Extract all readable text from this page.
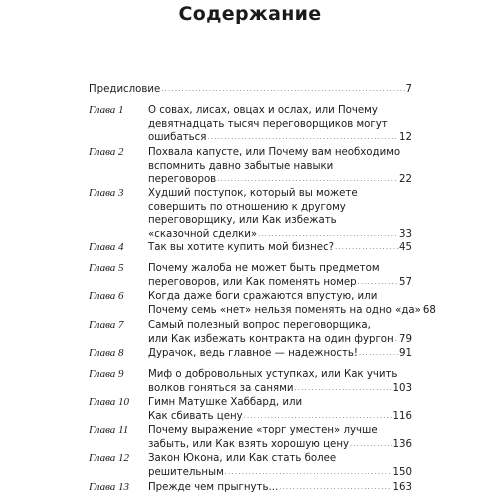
Содержание
Предисловие .....	7
Глава 1 О совах, лисах, овцах и ослах, или Почему
девятнадцать тысяч переговорщиков могут
ошибаться .....	12
Глава 2 Похвала капусте, или Почему вам необходимо
вспомнить давно забытые навыки
переговоров .....	22
Глава 3 Худший поступок, который вы можете
совершить по отношению к другому
переговорщику, или Как избежать
«сказочной сделки» .....	33
Глава 4 Так вы хотите купить мой бизнес? .....	45
Глава 5 Почему жалоба не может быть предметом
переговоров, или Как поменять номер .....	57
Глава 6 Когда даже боги сражаются впустую, или
Почему семь «нет» нельзя поменять на одно «да» 68
Глава 7 Самый полезный вопрос переговорщика,
или Как избежать контракта на один фургон ..... 79
Глава 8 Дурачок, ведь главное — надежность! .....	91
Глава 9 Миф о добровольных уступках, или Как учить
волков гоняться за санями .....	103
Глава 10 Гимн Матушке Хаббард, или
Как сбивать цену .....	116
Глава 11 Почему выражение «торг уместен» лучше
забыть, или Как взять хорошую цену .....	136
Глава 12 Закон Юкона, или Как стать более
решительным .....	150
Глава 13 Прежде чем прыгнуть... .....	163
